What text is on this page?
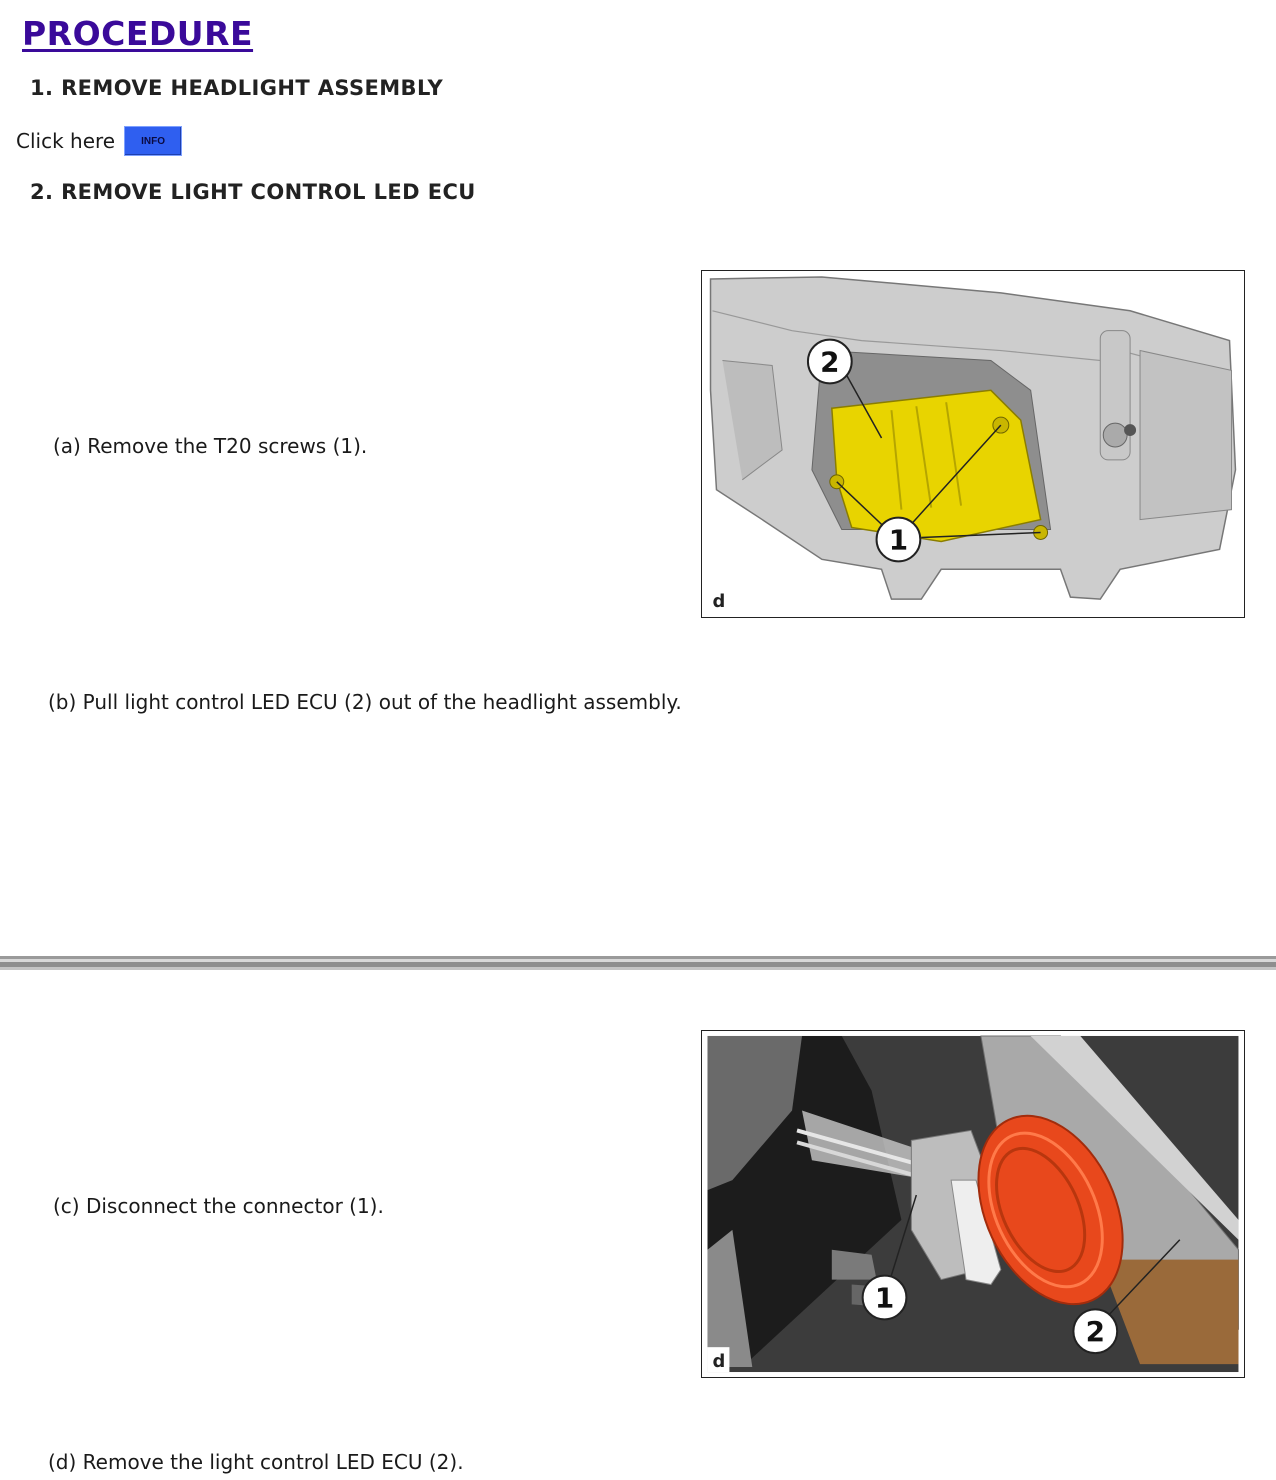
PROCEDURE
1. REMOVE HEADLIGHT ASSEMBLY
Click here	INFO
2. REMOVE LIGHT CONTROL LED ECU
(a) Remove the T20 screws (1).
2
1
d
(b) Pull light control LED ECU (2) out of the headlight assembly.
(c) Disconnect the connector (1).
1
2
d
(d) Remove the light control LED ECU (2).
